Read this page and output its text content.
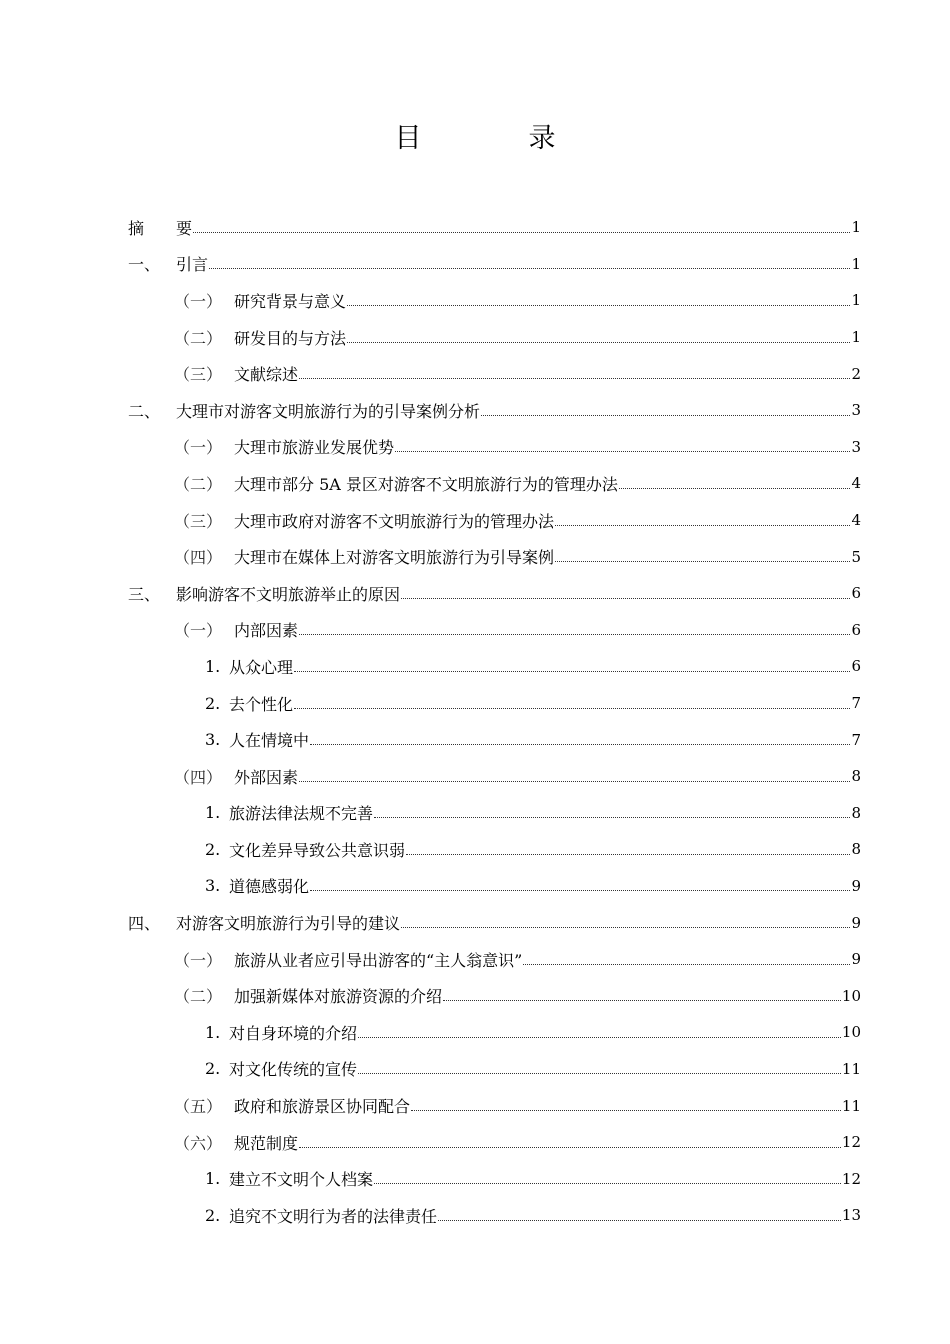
目　录
摘　 要	1
一、 引言	1
（一） 研究背景与意义	1
（二） 研发目的与方法	1
（三） 文献综述	2
二、 大理市对游客文明旅游行为的引导案例分析	3
（一） 大理市旅游业发展优势	3
（二） 大理市部分 5A 景区对游客不文明旅游行为的管理办法	4
（三） 大理市政府对游客不文明旅游行为的管理办法	4
（四） 大理市在媒体上对游客文明旅游行为引导案例	5
三、 影响游客不文明旅游举止的原因	6
（一） 内部因素	6
1. 从众心理	6
2. 去个性化	7
3. 人在情境中	7
（四） 外部因素	8
1. 旅游法律法规不完善	8
2. 文化差异导致公共意识弱	8
3. 道德感弱化	9
四、 对游客文明旅游行为引导的建议	9
（一） 旅游从业者应引导出游客的“主人翁意识”	9
（二） 加强新媒体对旅游资源的介绍	10
1. 对自身环境的介绍	10
2. 对文化传统的宣传	11
（五） 政府和旅游景区协同配合	11
（六） 规范制度	12
1. 建立不文明个人档案	12
2. 追究不文明行为者的法律责任	13
